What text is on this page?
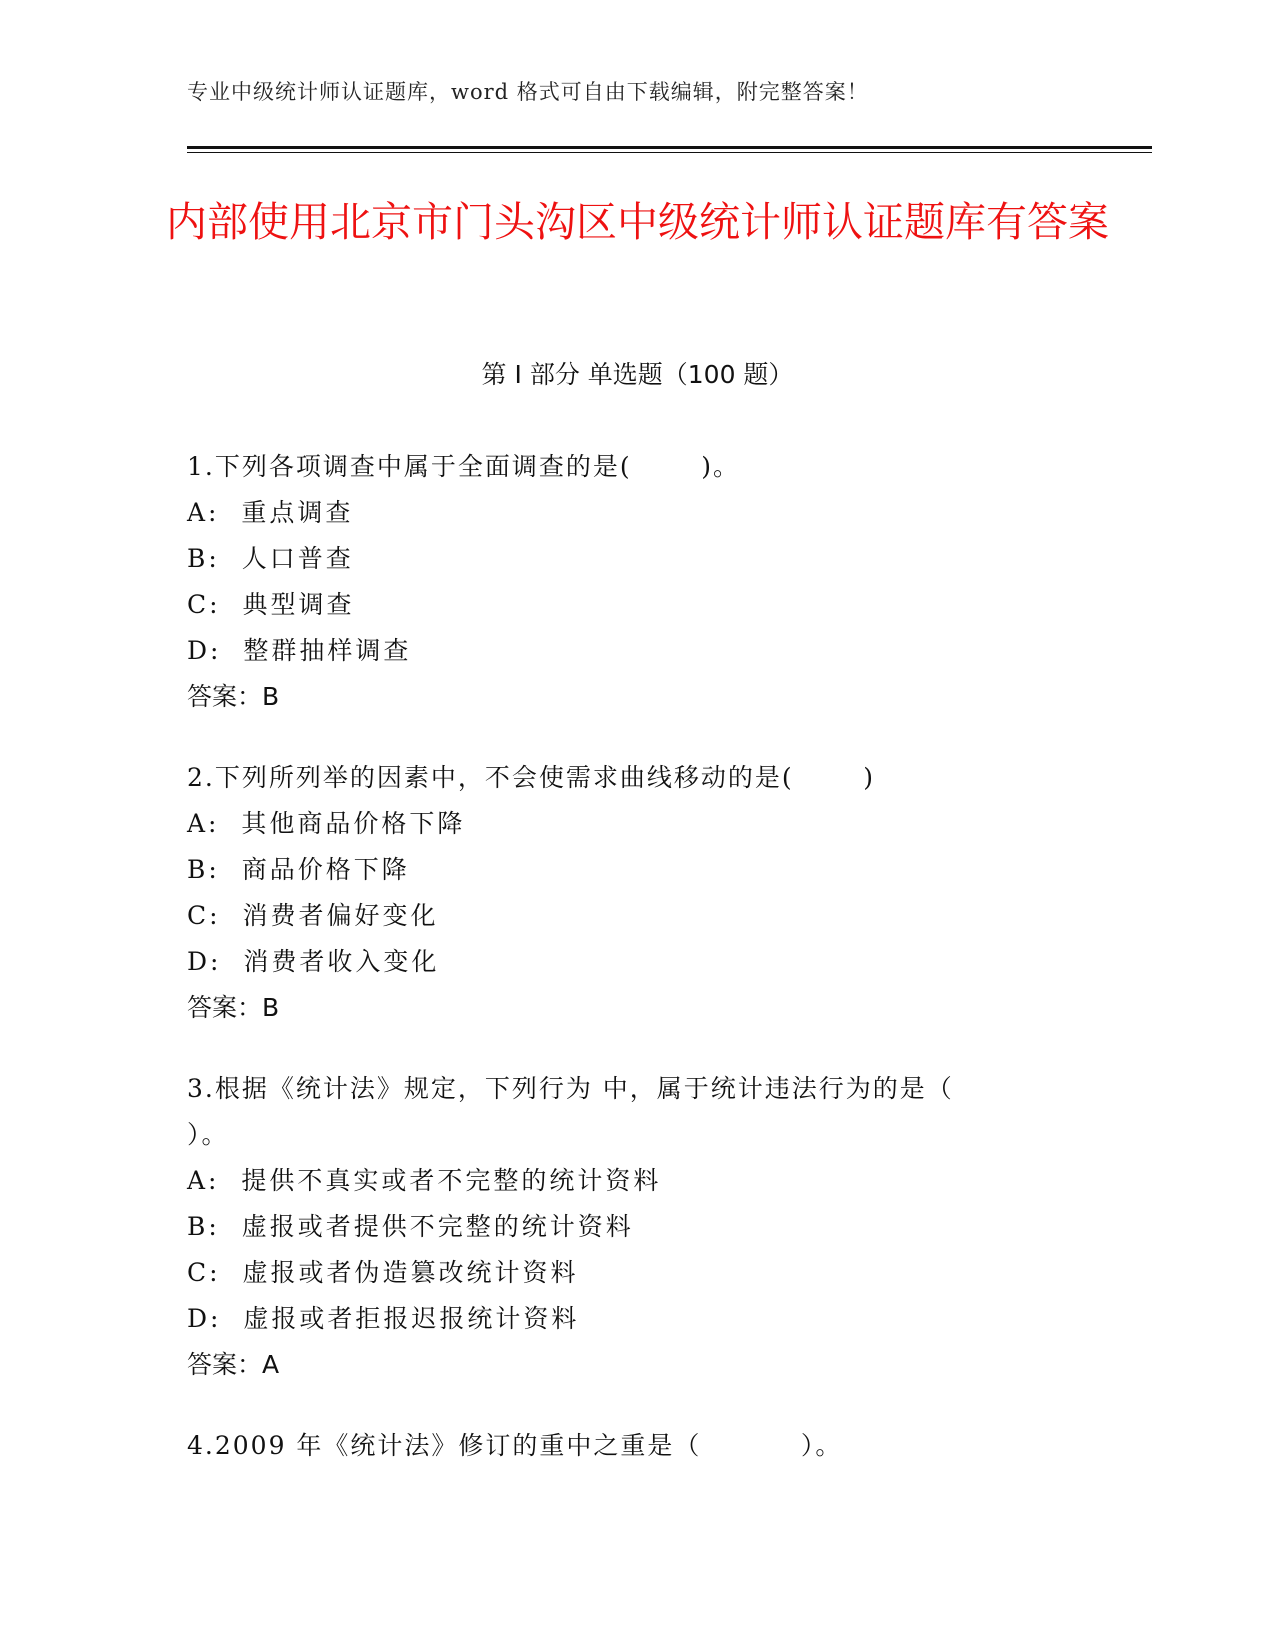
专业中级统计师认证题库，word 格式可自由下载编辑，附完整答案！
内部使用北京市门头沟区中级统计师认证题库有答案
第 I 部分 单选题（100 题）
1.下列各项调查中属于全面调查的是(       )。
A:  重点调查
B:  人口普查
C:  典型调查
D:  整群抽样调查
答案：B
2.下列所列举的因素中，不会使需求曲线移动的是(       )
A:  其他商品价格下降
B:  商品价格下降
C:  消费者偏好变化
D:  消费者收入变化
答案：B
3.根据《统计法》规定，下列行为 中，属于统计违法行为的是（        ）。
A:  提供不真实或者不完整的统计资料
B:  虚报或者提供不完整的统计资料
C:  虚报或者伪造篡改统计资料
D:  虚报或者拒报迟报统计资料
答案：A
4.2009 年《统计法》修订的重中之重是（          ）。
